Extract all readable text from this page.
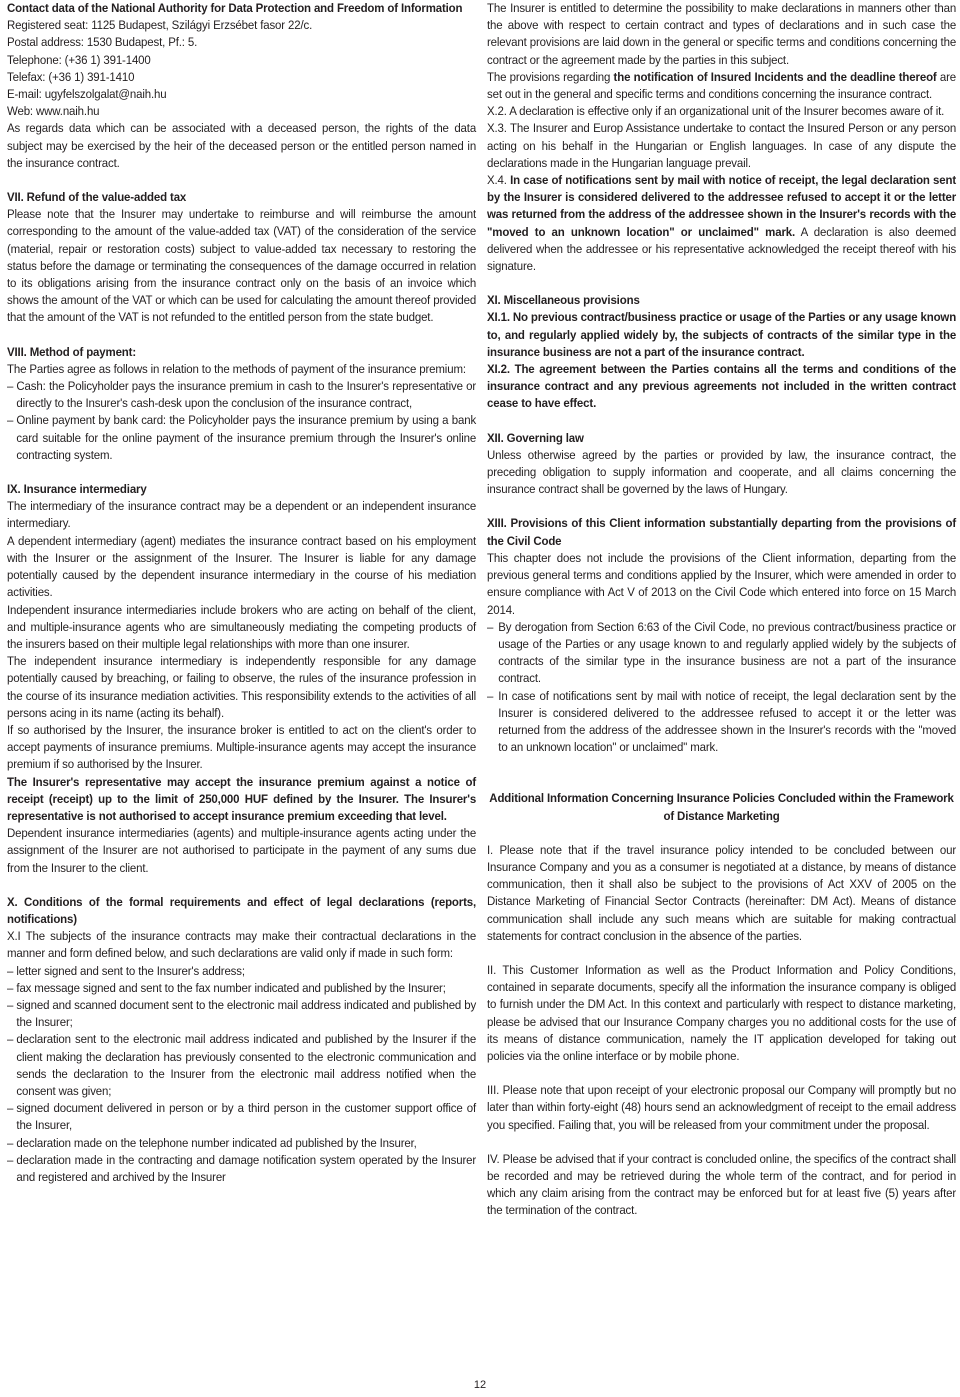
Contact data of the National Authority for Data Protection and Freedom of Information

Registered seat: 1125 Budapest, Szilágyi Erzsébet fasor 22/c.

Postal address: 1530 Budapest, Pf.: 5.

Telephone: (+36 1) 391-1400

Telefax: (+36 1) 391-1410

E-mail: ugyfelszolgalat@naih.hu

Web: www.naih.hu

As regards data which can be associated with a deceased person, the rights of the data subject may be exercised by the heir of the deceased person or the entitled person named in the insurance contract.

VII. Refund of the value-added tax

Please note that the Insurer may undertake to reimburse and will reimburse the amount corresponding to the amount of the value-added tax (VAT) of the consideration of the service (material, repair or restoration costs) subject to value-added tax necessary to restoring the status before the damage or terminating the consequences of the damage occurred in relation to its obligations arising from the insurance contract only on the basis of an invoice which shows the amount of the VAT or which can be used for calculating the amount thereof provided that the amount of the VAT is not refunded to the entitled person from the state budget.

VIII. Method of payment:

The Parties agree as follows in relation to the methods of payment of the insurance premium:

– Cash: the Policyholder pays the insurance premium in cash to the Insurer's representative or directly to the Insurer's cash-desk upon the conclusion of the insurance contract,
– Online payment by bank card: the Policyholder pays the insurance premium by using a bank card suitable for the online payment of the insurance premium through the Insurer's online contracting system.

IX. Insurance intermediary

The intermediary of the insurance contract may be a dependent or an independent insurance intermediary.

A dependent intermediary (agent) mediates the insurance contract based on his employment with the Insurer or the assignment of the Insurer. The Insurer is liable for any damage potentially caused by the dependent insurance intermediary in the course of his mediation activities.

Independent insurance intermediaries include brokers who are acting on behalf of the client, and multiple-insurance agents who are simultaneously mediating the competing products of the insurers based on their multiple legal relationships with more than one insurer.

The independent insurance intermediary is independently responsible for any damage potentially caused by breaching, or failing to observe, the rules of the insurance profession in the course of its insurance mediation activities. This responsibility extends to the activities of all persons acing in its name (acting its behalf).

If so authorised by the Insurer, the insurance broker is entitled to act on the client's order to accept payments of insurance premiums. Multiple-insurance agents may accept the insurance premium if so authorised by the Insurer.

The Insurer's representative may accept the insurance premium against a notice of receipt (receipt) up to the limit of 250,000 HUF defined by the Insurer. The Insurer's representative is not authorised to accept insurance premium exceeding that level.

Dependent insurance intermediaries (agents) and multiple-insurance agents acting under the assignment of the Insurer are not authorised to participate in the payment of any sums due from the Insurer to the client.

X. Conditions of the formal requirements and effect of legal declarations (reports, notifications)

X.I The subjects of the insurance contracts may make their contractual declarations in the manner and form defined below, and such declarations are valid only if made in such form:

– letter signed and sent to the Insurer's address;
– fax message signed and sent to the fax number indicated and published by the Insurer;
– signed and scanned document sent to the electronic mail address indicated and published by the Insurer;
– declaration sent to the electronic mail address indicated and published by the Insurer if the client making the declaration has previously consented to the electronic communication and sends the declaration to the Insurer from the electronic mail address notified when the consent was given;
– signed document delivered in person or by a third person in the customer support office of the Insurer,
– declaration made on the telephone number indicated ad published by the Insurer,
– declaration made in the contracting and damage notification system operated by the Insurer and registered and archived by the Insurer

The Insurer is entitled to determine the possibility to make declarations in manners other than the above with respect to certain contract and types of declarations and in such case the relevant provisions are laid down in the general or specific terms and conditions concerning the contract or the agreement made by the parties in this subject.

The provisions regarding the notification of Insured Incidents and the deadline thereof are set out in the general and specific terms and conditions concerning the insurance contract.

X.2. A declaration is effective only if an organizational unit of the Insurer becomes aware of it.

X.3. The Insurer and Europ Assistance undertake to contact the Insured Person or any person acting on his behalf in the Hungarian or English languages. In case of any dispute the declarations made in the Hungarian language prevail.

X.4. In case of notifications sent by mail with notice of receipt, the legal declaration sent by the Insurer is considered delivered to the addressee refused to accept it or the letter was returned from the address of the addressee shown in the Insurer's records with the "moved to an unknown location" or unclaimed" mark. A declaration is also deemed delivered when the addressee or his representative acknowledged the receipt thereof with his signature.

XI. Miscellaneous provisions

XI.1. No previous contract/business practice or usage of the Parties or any usage known to, and regularly applied widely by, the subjects of contracts of the similar type in the insurance business are not a part of the insurance contract.

XI.2. The agreement between the Parties contains all the terms and conditions of the insurance contract and any previous agreements not included in the written contract cease to have effect.

XII. Governing law

Unless otherwise agreed by the parties or provided by law, the insurance contract, the preceding obligation to supply information and cooperate, and all claims concerning the insurance contract shall be governed by the laws of Hungary.

XIII. Provisions of this Client information substantially departing from the provisions of the Civil Code

This chapter does not include the provisions of the Client information, departing from the previous general terms and conditions applied by the Insurer, which were amended in order to ensure compliance with Act V of 2013 on the Civil Code which entered into force on 15 March 2014.

– By derogation from Section 6:63 of the Civil Code, no previous contract/business practice or usage of the Parties or any usage known to and regularly applied widely by the subjects of contracts of the similar type in the insurance business are not a part of the insurance contract.
– In case of notifications sent by mail with notice of receipt, the legal declaration sent by the Insurer is considered delivered to the addressee refused to accept it or the letter was returned from the address of the addressee shown in the Insurer's records with the "moved to an unknown location" or unclaimed" mark.

Additional Information Concerning Insurance Policies Concluded within the Framework of Distance Marketing

I. Please note that if the travel insurance policy intended to be concluded between our Insurance Company and you as a consumer is negotiated at a distance, by means of distance communication, then it shall also be subject to the provisions of Act XXV of 2005 on the Distance Marketing of Financial Sector Contracts (hereinafter: DM Act). Means of distance communication shall include any such means which are suitable for making contractual statements for contract conclusion in the absence of the parties.

II. This Customer Information as well as the Product Information and Policy Conditions, contained in separate documents, specify all the information the insurance company is obliged to furnish under the DM Act. In this context and particularly with respect to distance marketing, please be advised that our Insurance Company charges you no additional costs for the use of its means of distance communication, namely the IT application developed for taking out policies via the online interface or by mobile phone.

III. Please note that upon receipt of your electronic proposal our Company will promptly but no later than within forty-eight (48) hours send an acknowledgment of receipt to the email address you specified. Failing that, you will be released from your commitment under the proposal.

IV. Please be advised that if your contract is concluded online, the specifics of the contract shall be recorded and may be retrieved during the whole term of the contract, and for period in which any claim arising from the contract may be enforced but for at least five (5) years after the termination of the contract.

12
